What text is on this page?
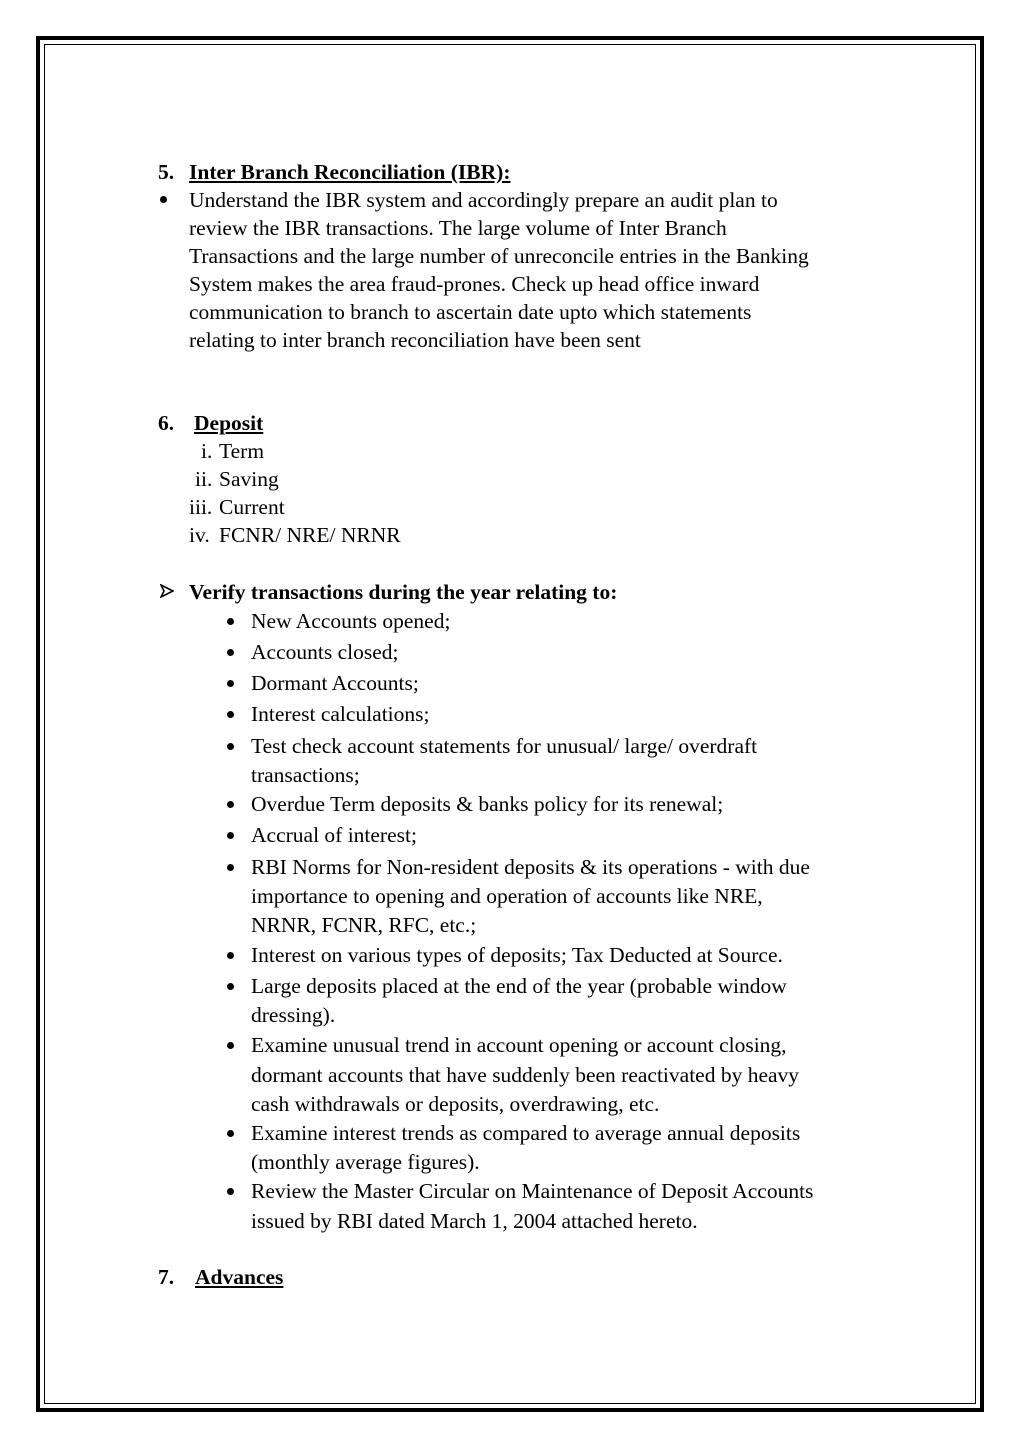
5. Inter Branch Reconciliation (IBR):
Understand the IBR system and accordingly prepare an audit plan to
review the IBR transactions. The large volume of Inter Branch
Transactions and the large number of unreconcile entries in the Banking
System makes the area fraud-prones. Check up head office inward
communication to branch to ascertain date upto which statements
relating to inter branch reconciliation have been sent
6. Deposit
i. Term
ii. Saving
iii. Current
iv. FCNR/ NRE/ NRNR
Verify transactions during the year relating to:
New Accounts opened;
Accounts closed;
Dormant Accounts;
Interest calculations;
Test check account statements for unusual/ large/ overdraft
transactions;
Overdue Term deposits & banks policy for its renewal;
Accrual of interest;
RBI Norms for Non-resident deposits & its operations - with due
importance to opening and operation of accounts like NRE,
NRNR, FCNR, RFC, etc.;
Interest on various types of deposits; Tax Deducted at Source.
Large deposits placed at the end of the year (probable window
dressing).
Examine unusual trend in account opening or account closing,
dormant accounts that have suddenly been reactivated by heavy
cash withdrawals or deposits, overdrawing, etc.
Examine interest trends as compared to average annual deposits
(monthly average figures).
Review the Master Circular on Maintenance of Deposit Accounts
issued by RBI dated March 1, 2004 attached hereto.
7. Advances
